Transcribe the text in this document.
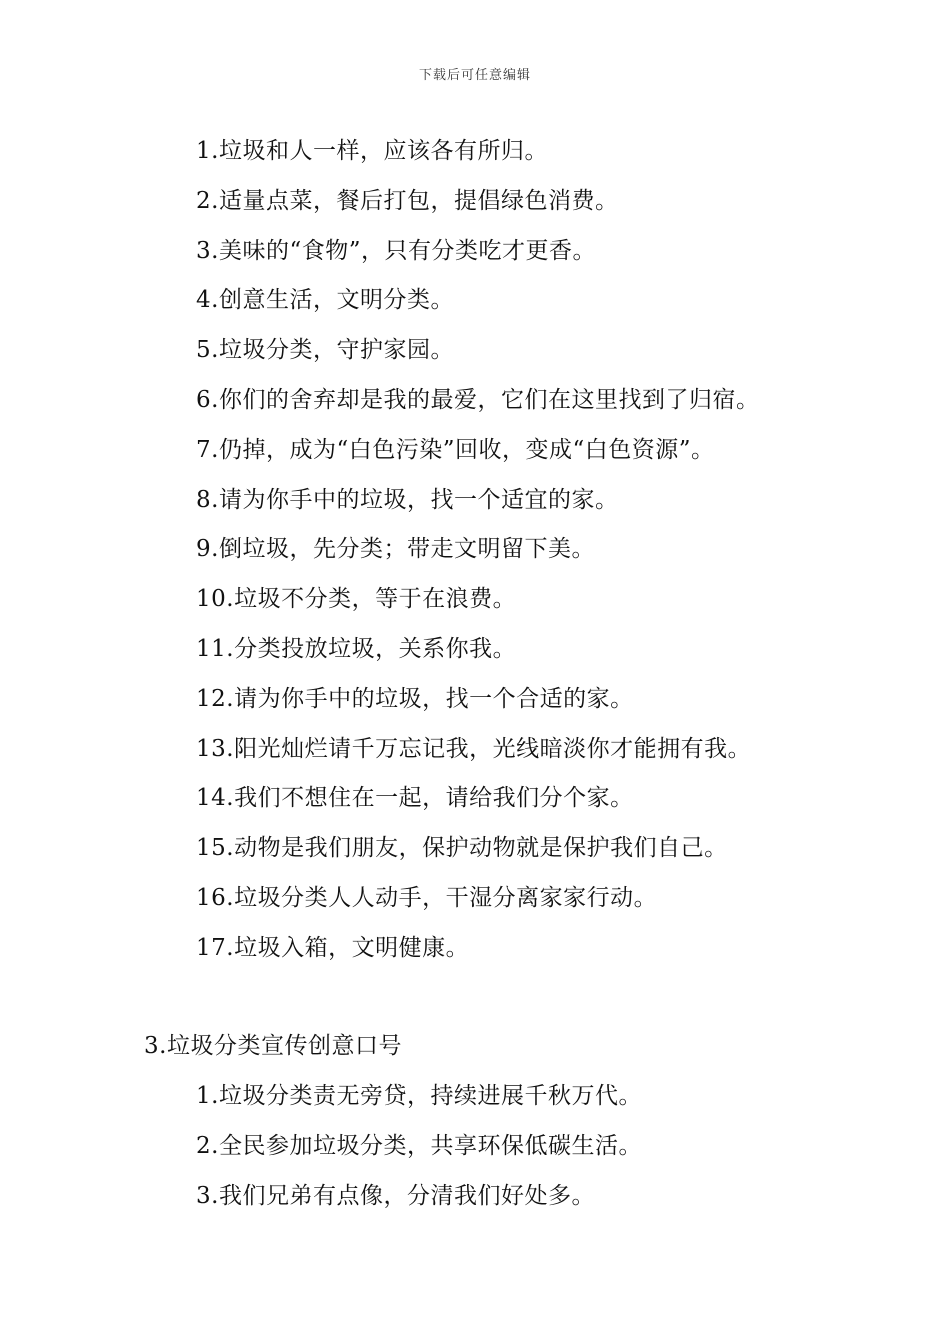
下载后可任意编辑
1.垃圾和人一样，应该各有所归。
2.适量点菜，餐后打包，提倡绿色消费。
3.美味的“食物”，只有分类吃才更香。
4.创意生活，文明分类。
5.垃圾分类，守护家园。
6.你们的舍弃却是我的最爱，它们在这里找到了归宿。
7.仍掉，成为“白色污染”回收，变成“白色资源”。
8.请为你手中的垃圾，找一个适宜的家。
9.倒垃圾，先分类；带走文明留下美。
10.垃圾不分类，等于在浪费。
11.分类投放垃圾，关系你我。
12.请为你手中的垃圾，找一个合适的家。
13.阳光灿烂请千万忘记我，光线暗淡你才能拥有我。
14.我们不想住在一起，请给我们分个家。
15.动物是我们朋友，保护动物就是保护我们自己。
16.垃圾分类人人动手，干湿分离家家行动。
17.垃圾入箱，文明健康。
3.垃圾分类宣传创意口号
1.垃圾分类责无旁贷，持续进展千秋万代。
2.全民参加垃圾分类，共享环保低碳生活。
3.我们兄弟有点像，分清我们好处多。
